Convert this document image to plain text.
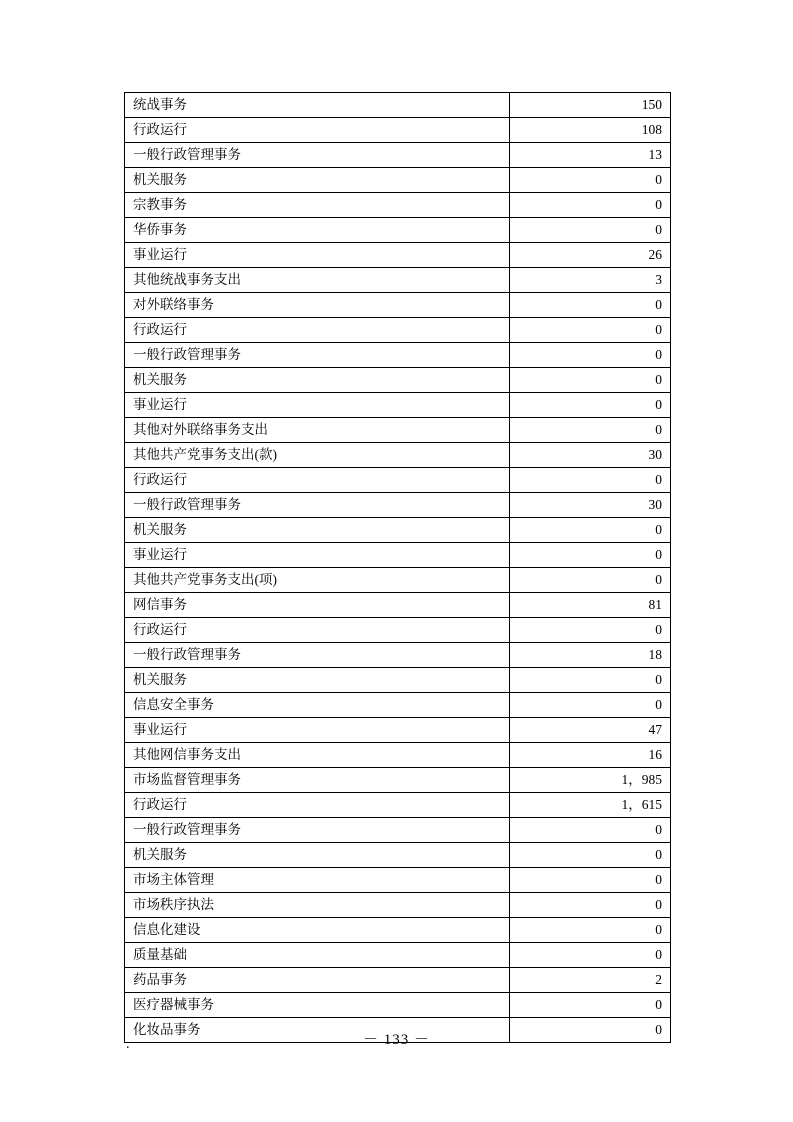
统战事务	150
行政运行	108
一般行政管理事务	13
机关服务	0
宗教事务	0
华侨事务	0
事业运行	26
其他统战事务支出	3
对外联络事务	0
行政运行	0
一般行政管理事务	0
机关服务	0
事业运行	0
其他对外联络事务支出	0
其他共产党事务支出(款)	30
行政运行	0
一般行政管理事务	30
机关服务	0
事业运行	0
其他共产党事务支出(项)	0
网信事务	81
行政运行	0
一般行政管理事务	18
机关服务	0
信息安全事务	0
事业运行	47
其他网信事务支出	16
市场监督管理事务	1，985
行政运行	1，615
一般行政管理事务	0
机关服务	0
市场主体管理	0
市场秩序执法	0
信息化建设	0
质量基础	0
药品事务	2
医疗器械事务	0
化妆品事务	0
－ 133 －
.
